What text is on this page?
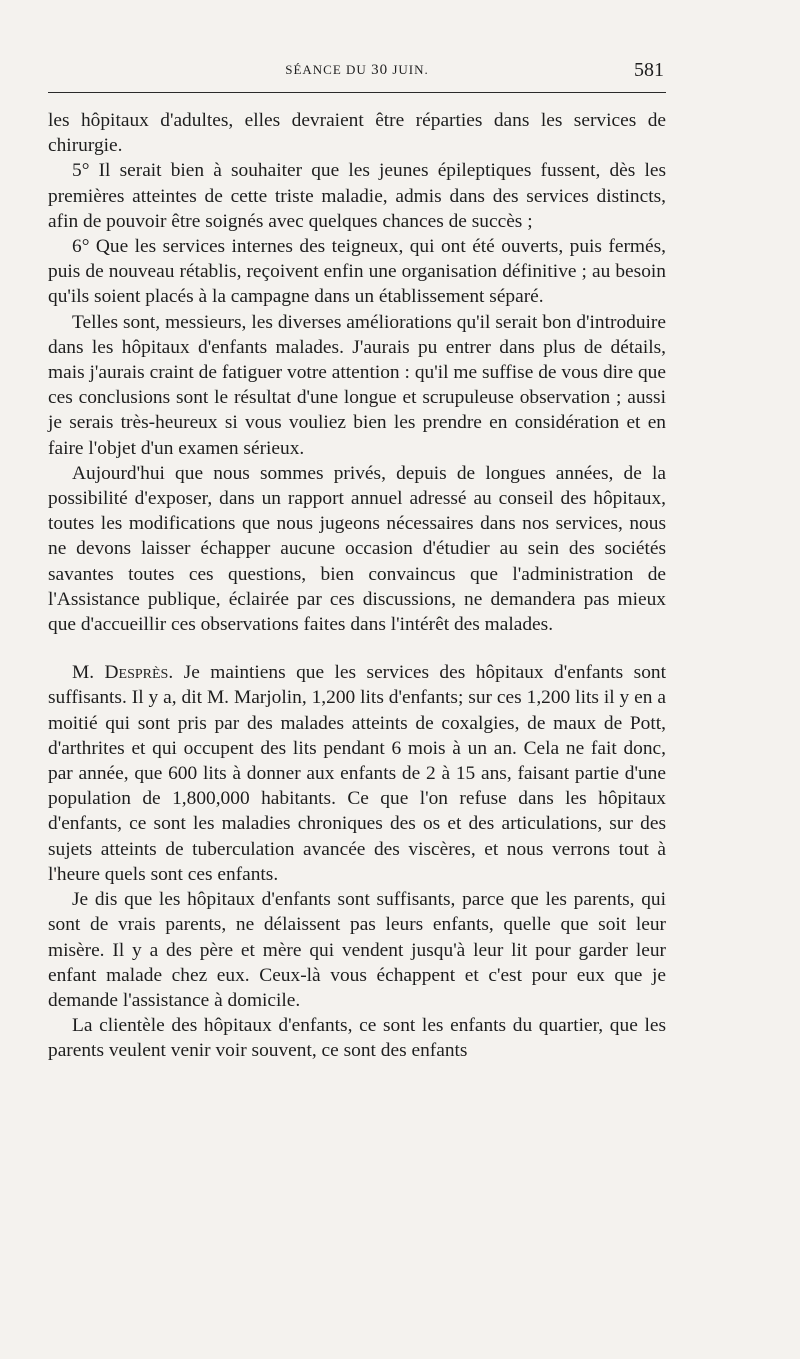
SÉANCE DU 30 JUIN.	581

les hôpitaux d'adultes, elles devraient être réparties dans les services de chirurgie.

5° Il serait bien à souhaiter que les jeunes épileptiques fussent, dès les premières atteintes de cette triste maladie, admis dans des services distincts, afin de pouvoir être soignés avec quelques chances de succès ;

6° Que les services internes des teigneux, qui ont été ouverts, puis fermés, puis de nouveau rétablis, reçoivent enfin une organisation définitive ; au besoin qu'ils soient placés à la campagne dans un établissement séparé.

Telles sont, messieurs, les diverses améliorations qu'il serait bon d'introduire dans les hôpitaux d'enfants malades. J'aurais pu entrer dans plus de détails, mais j'aurais craint de fatiguer votre attention : qu'il me suffise de vous dire que ces conclusions sont le résultat d'une longue et scrupuleuse observation ; aussi je serais très-heureux si vous vouliez bien les prendre en considération et en faire l'objet d'un examen sérieux.

Aujourd'hui que nous sommes privés, depuis de longues années, de la possibilité d'exposer, dans un rapport annuel adressé au conseil des hôpitaux, toutes les modifications que nous jugeons nécessaires dans nos services, nous ne devons laisser échapper aucune occasion d'étudier au sein des sociétés savantes toutes ces questions, bien convaincus que l'administration de l'Assistance publique, éclairée par ces discussions, ne demandera pas mieux que d'accueillir ces observations faites dans l'intérêt des malades.

M. Desprès. Je maintiens que les services des hôpitaux d'enfants sont suffisants. Il y a, dit M. Marjolin, 1,200 lits d'enfants; sur ces 1,200 lits il y en a moitié qui sont pris par des malades atteints de coxalgies, de maux de Pott, d'arthrites et qui occupent des lits pendant 6 mois à un an. Cela ne fait donc, par année, que 600 lits à donner aux enfants de 2 à 15 ans, faisant partie d'une population de 1,800,000 habitants. Ce que l'on refuse dans les hôpitaux d'enfants, ce sont les maladies chroniques des os et des articulations, sur des sujets atteints de tuberculation avancée des viscères, et nous verrons tout à l'heure quels sont ces enfants.

Je dis que les hôpitaux d'enfants sont suffisants, parce que les parents, qui sont de vrais parents, ne délaissent pas leurs enfants, quelle que soit leur misère. Il y a des père et mère qui vendent jusqu'à leur lit pour garder leur enfant malade chez eux. Ceux-là vous échappent et c'est pour eux que je demande l'assistance à domicile.

La clientèle des hôpitaux d'enfants, ce sont les enfants du quartier, que les parents veulent venir voir souvent, ce sont des enfants
